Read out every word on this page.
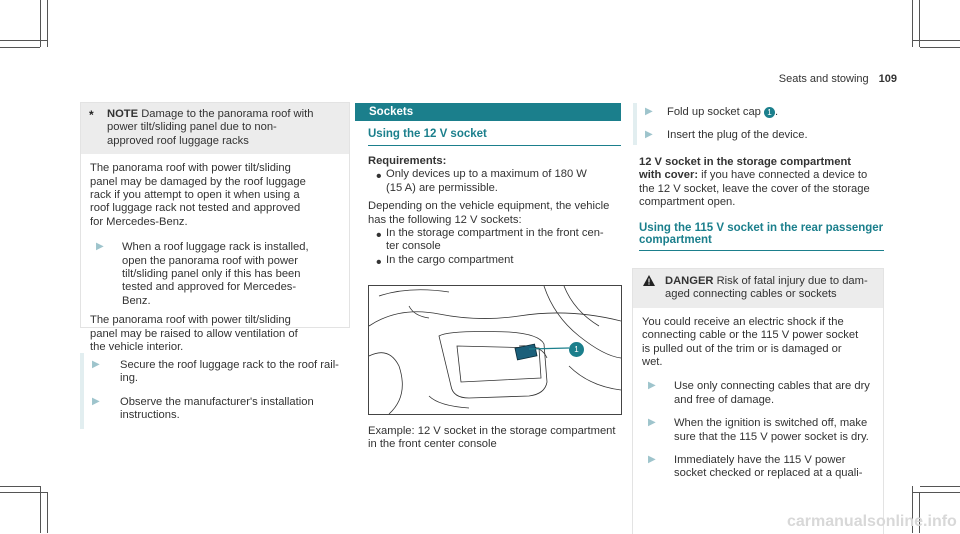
Seats and stowing 109
*	NOTE Damage to the panorama roof with
power tilt/sliding panel due to non-
approved roof luggage racks

The panorama roof with power tilt/sliding
panel may be damaged by the roof luggage
rack if you attempt to open it when using a
roof luggage rack not tested and approved
for Mercedes-Benz.

▶	When a roof luggage rack is installed,
open the panorama roof with power
tilt/sliding panel only if this has been
tested and approved for Mercedes-
Benz.

The panorama roof with power tilt/sliding
panel may be raised to allow ventilation of
the vehicle interior.

▶	Secure the roof luggage rack to the roof rail-
ing.

▶	Observe the manufacturer's installation
instructions.

Sockets

Using the 12 V socket

Requirements:

• Only devices up to a maximum of 180 W
(15 A) are permissible.

Depending on the vehicle equipment, the vehicle
has the following 12 V sockets:

• In the storage compartment in the front cen-
ter console

• In the cargo compartment

1

Example: 12 V socket in the storage compartment
in the front center console

▶	Fold up socket cap 1 .

▶	Insert the plug of the device.

12 V socket in the storage compartment
with cover: if you have connected a device to
the 12 V socket, leave the cover of the storage
compartment open.

Using the 115 V socket in the rear passenger
compartment

DANGER Risk of fatal injury due to dam-
aged connecting cables or sockets

You could receive an electric shock if the
connecting cable or the 115 V power socket
is pulled out of the trim or is damaged or
wet.

▶	Use only connecting cables that are dry
and free of damage.

▶	When the ignition is switched off, make
sure that the 115 V power socket is dry.

▶	Immediately have the 115 V power
socket checked or replaced at a quali-

carmanualsonline.info
